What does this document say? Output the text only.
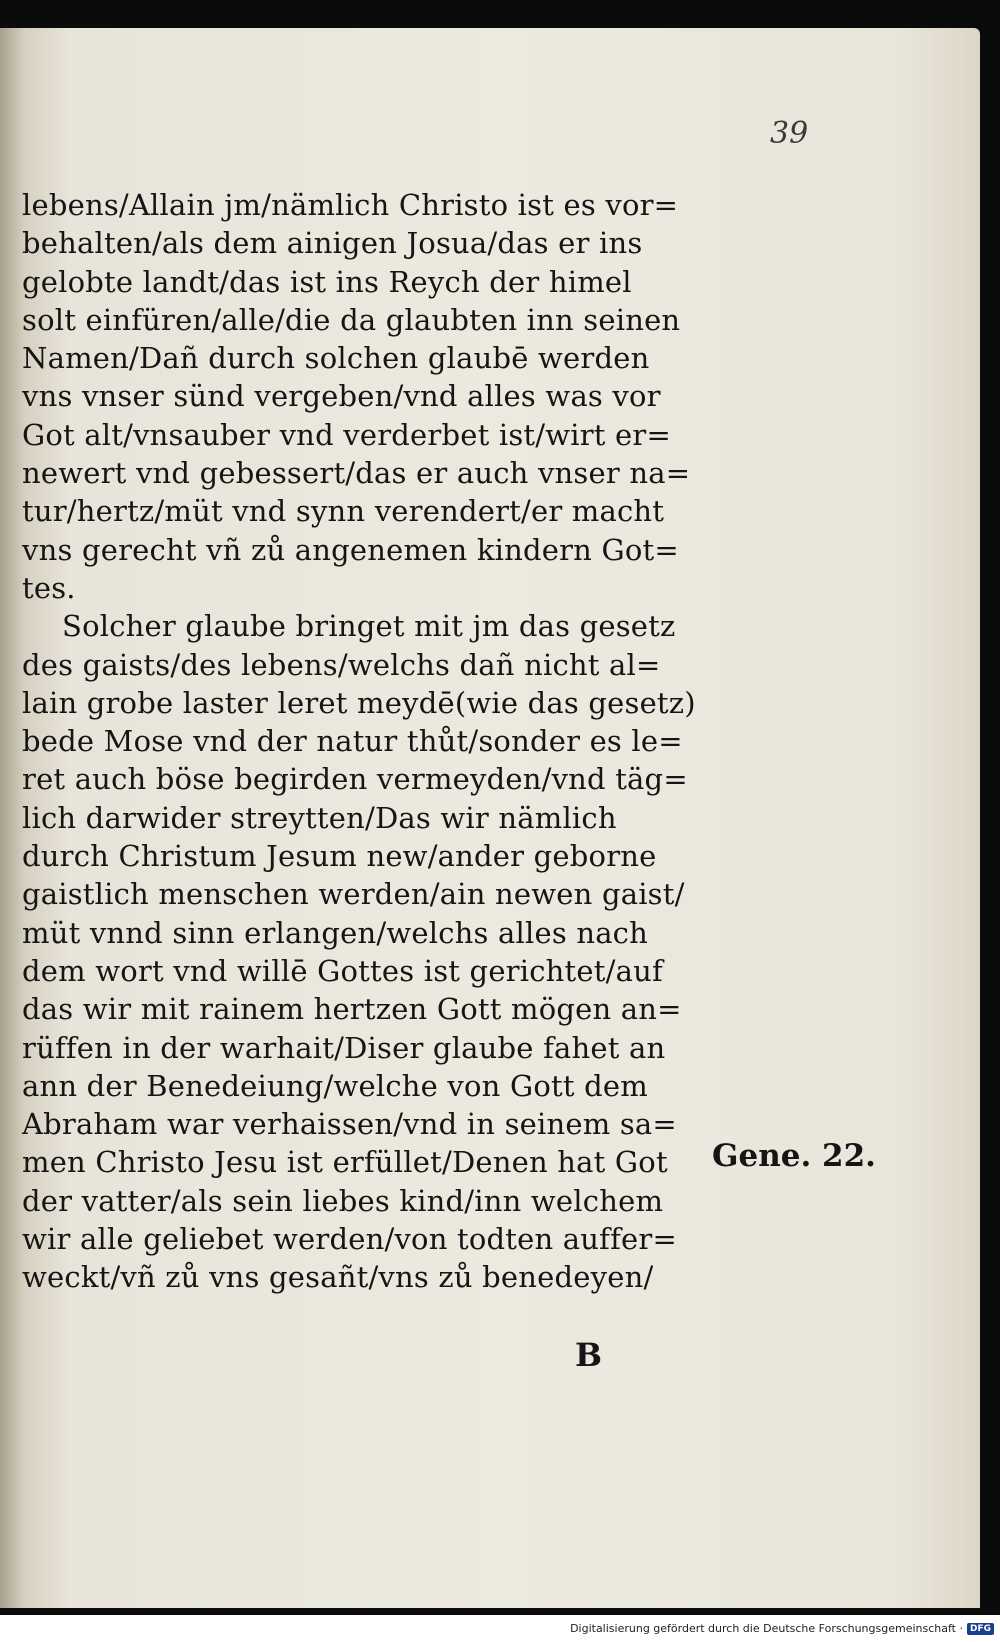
39
lebens/Allain jm/nämlich Christo ist es vor=
behalten/als dem ainigen Josua/das er ins
gelobte landt/das ist ins Reych der himel
solt einfüren/alle/die da glaubten inn seinen
Namen/Dañ durch solchen glaubē werden
vns vnser sünd vergeben/vnd alles was vor
Got alt/vnsauber vnd verderbet ist/wirt er=
newert vnd gebessert/das er auch vnser na=
tur/hertz/müt vnd synn verendert/er macht
vns gerecht vñ zů angenemen kindern Got=
tes.
Solcher glaube bringet mit jm das gesetz
des gaists/des lebens/welchs dañ nicht al=
lain grobe laster leret meydē(wie das gesetz)
bede Mose vnd der natur thůt/sonder es le=
ret auch böse begirden vermeyden/vnd täg=
lich darwider streytten/Das wir nämlich
durch Christum Jesum new/ander geborne
gaistlich menschen werden/ain newen gaist/
müt vnnd sinn erlangen/welchs alles nach
dem wort vnd willē Gottes ist gerichtet/auf
das wir mit rainem hertzen Gott mögen an=
rüffen in der warhait/Diser glaube fahet an
ann der Benedeiung/welche von Gott dem
Abraham war verhaissen/vnd in seinem sa=
men Christo Jesu ist erfüllet/Denen hat Got
der vatter/als sein liebes kind/inn welchem
wir alle geliebet werden/von todten auffer=
weckt/vñ zů vns gesañt/vns zů benedeyen/
Gene. 22.
B
Digitalisierung gefördert durch die Deutsche Forschungsgemeinschaft · DFG
